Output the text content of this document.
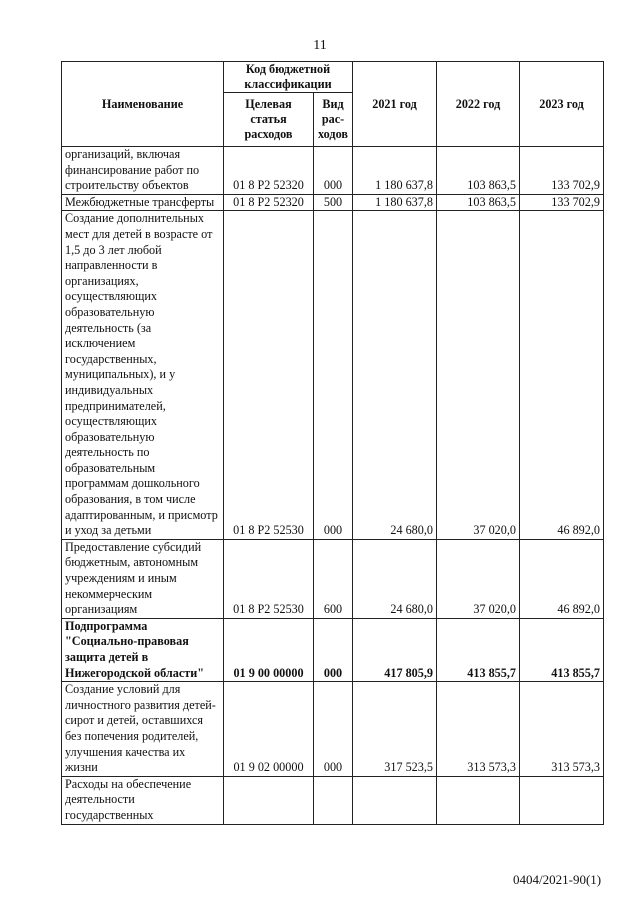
11
Наименование	Код бюджетной классификации		2021 год	2022 год	2023 год
	Целевая статья расходов	Вид рас-ходов			
организаций, включая финансирование работ по строительству объектов	01 8 P2 52320	000	1 180 637,8	103 863,5	133 702,9
Межбюджетные трансферты	01 8 P2 52320	500	1 180 637,8	103 863,5	133 702,9
Создание дополнительных мест для детей в возрасте от 1,5 до 3 лет любой направленности в организациях, осуществляющих образовательную деятельность (за исключением государственных, муниципальных), и у индивидуальных предпринимателей, осуществляющих образовательную деятельность по образовательным программам дошкольного образования, в том числе адаптированным, и присмотр и уход за детьми	01 8 P2 52530	000	24 680,0	37 020,0	46 892,0
Предоставление субсидий бюджетным, автономным учреждениям и иным некоммерческим организациям	01 8 P2 52530	600	24 680,0	37 020,0	46 892,0
Подпрограмма "Социально-правовая защита детей в Нижегородской области"	01 9 00 00000	000	417 805,9	413 855,7	413 855,7
Создание условий для личностного развития детей-сирот и детей, оставшихся без попечения родителей, улучшения качества их жизни	01 9 02 00000	000	317 523,5	313 573,3	313 573,3
Расходы на обеспечение деятельности государственных					
0404/2021-90(1)
